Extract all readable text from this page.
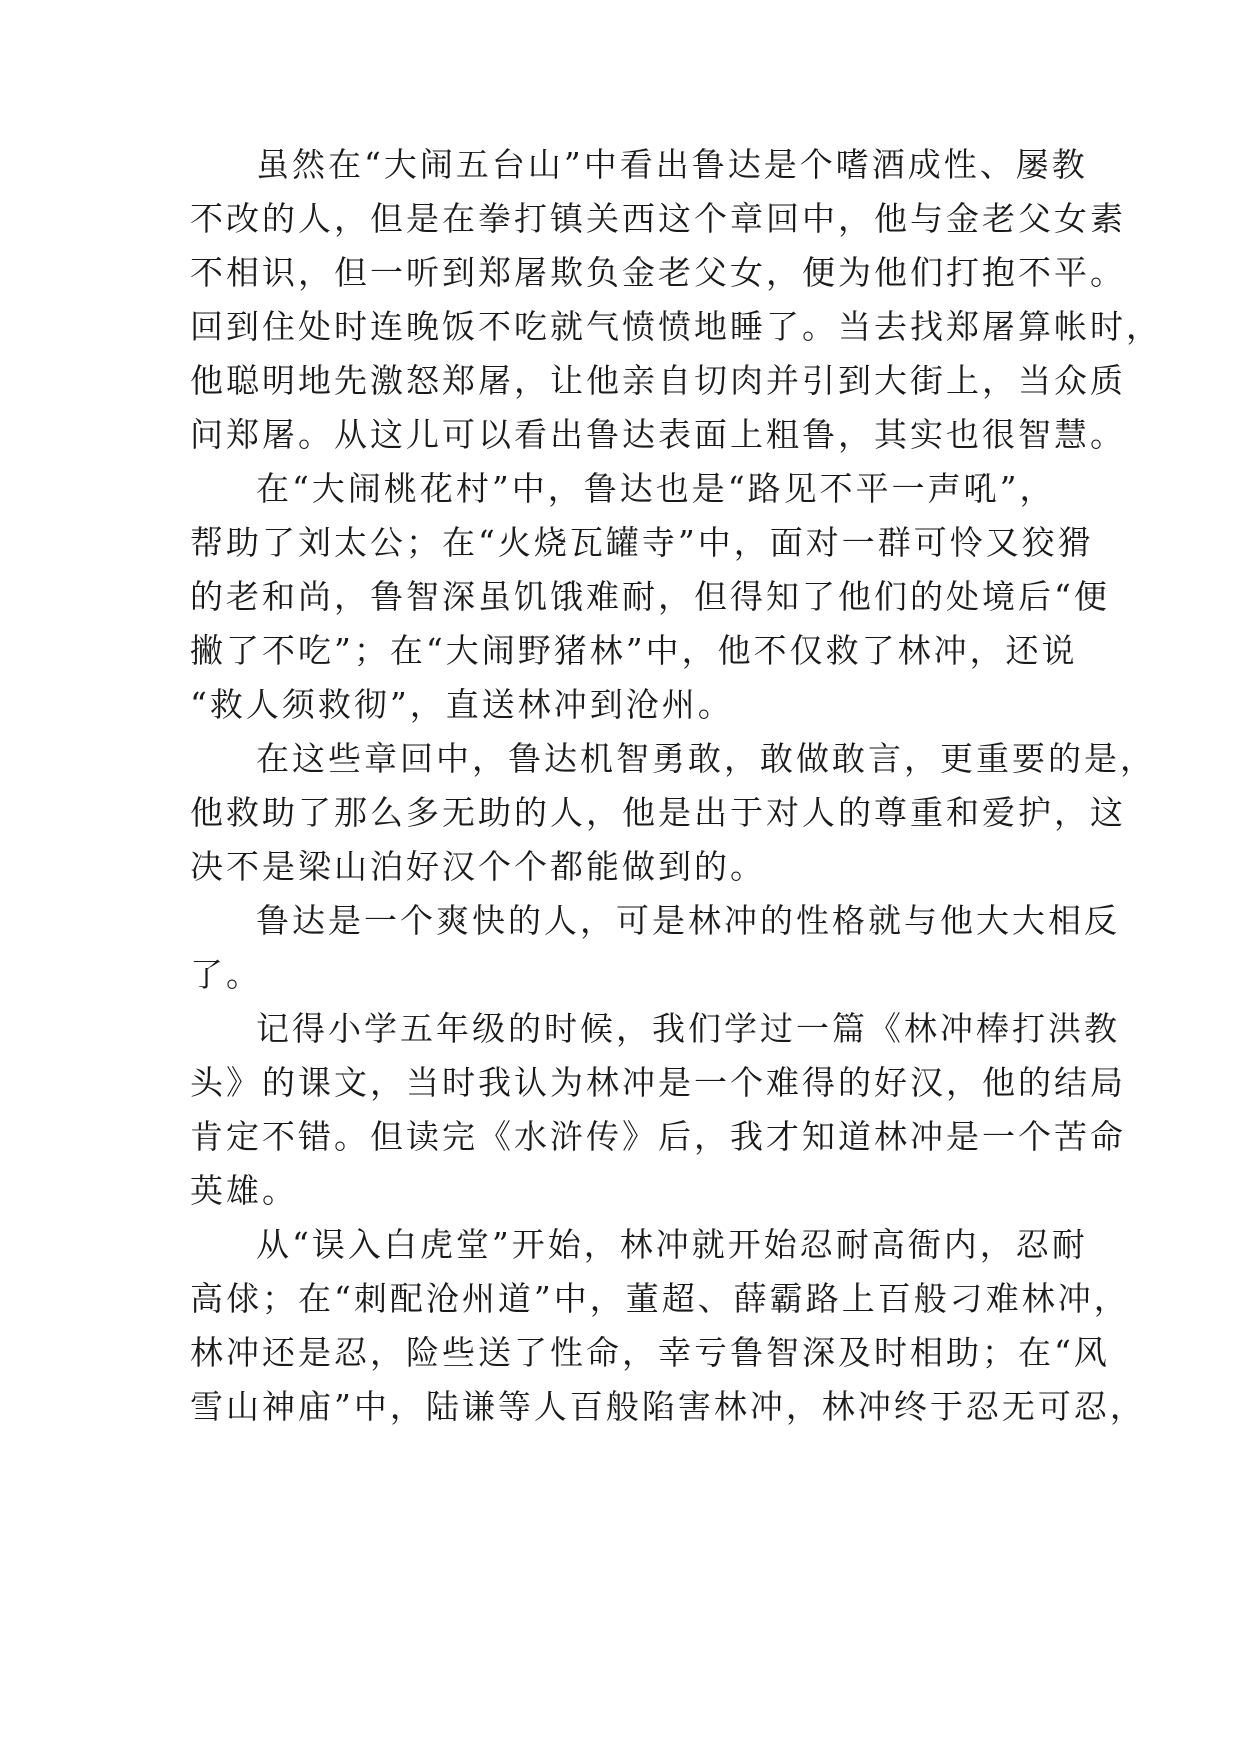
虽然在“大闹五台山”中看出鲁达是个嗜酒成性、屡教
不改的人，但是在拳打镇关西这个章回中，他与金老父女素
不相识，但一听到郑屠欺负金老父女，便为他们打抱不平。
回到住处时连晚饭不吃就气愤愤地睡了。当去找郑屠算帐时，
他聪明地先激怒郑屠，让他亲自切肉并引到大街上，当众质
问郑屠。从这儿可以看出鲁达表面上粗鲁，其实也很智慧。
在“大闹桃花村”中，鲁达也是“路见不平一声吼”，
帮助了刘太公；在“火烧瓦罐寺”中，面对一群可怜又狡猾
的老和尚，鲁智深虽饥饿难耐，但得知了他们的处境后“便
撇了不吃”；在“大闹野猪林”中，他不仅救了林冲，还说
“救人须救彻”，直送林冲到沧州。
在这些章回中，鲁达机智勇敢，敢做敢言，更重要的是，
他救助了那么多无助的人，他是出于对人的尊重和爱护，这
决不是梁山泊好汉个个都能做到的。
鲁达是一个爽快的人，可是林冲的性格就与他大大相反
了。
记得小学五年级的时候，我们学过一篇《林冲棒打洪教
头》的课文，当时我认为林冲是一个难得的好汉，他的结局
肯定不错。但读完《水浒传》后，我才知道林冲是一个苦命
英雄。
从“误入白虎堂”开始，林冲就开始忍耐高衙内，忍耐
高俅；在“刺配沧州道”中，董超、薛霸路上百般刁难林冲，
林冲还是忍，险些送了性命，幸亏鲁智深及时相助；在“风
雪山神庙”中，陆谦等人百般陷害林冲，林冲终于忍无可忍，
